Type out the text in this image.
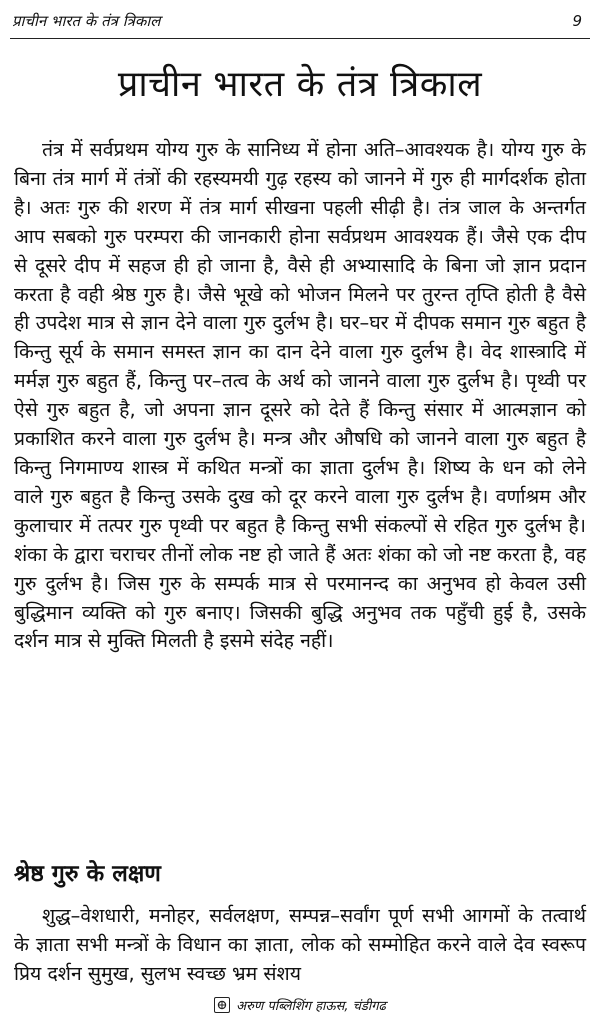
प्राचीन भारत के तंत्र त्रिकाल	9
प्राचीन भारत के तंत्र त्रिकाल

तंत्र में सर्वप्रथम योग्य गुरु के सानिध्य में होना अति–आवश्यक है। योग्य गुरु के बिना तंत्र मार्ग में तंत्रों की रहस्यमयी गुढ़ रहस्य को जानने में गुरु ही मार्गदर्शक होता है। अतः गुरु की शरण में तंत्र मार्ग सीखना पहली सीढ़ी है। तंत्र जाल के अन्तर्गत आप सबको गुरु परम्परा की जानकारी होना सर्वप्रथम आवश्यक हैं। जैसे एक दीप से दूसरे दीप में सहज ही हो जाना है, वैसे ही अभ्यासादि के बिना जो ज्ञान प्रदान करता है वही श्रेष्ठ गुरु है। जैसे भूखे को भोजन मिलने पर तुरन्त तृप्ति होती है वैसे ही उपदेश मात्र से ज्ञान देने वाला गुरु दुर्लभ है। घर–घर में दीपक समान गुरु बहुत है किन्तु सूर्य के समान समस्त ज्ञान का दान देने वाला गुरु दुर्लभ है। वेद शास्त्रादि में मर्मज्ञ गुरु बहुत हैं, किन्तु पर–तत्व के अर्थ को जानने वाला गुरु दुर्लभ है। पृथ्वी पर ऐसे गुरु बहुत है, जो अपना ज्ञान दूसरे को देते हैं किन्तु संसार में आत्मज्ञान को प्रकाशित करने वाला गुरु दुर्लभ है। मन्त्र और औषधि को जानने वाला गुरु बहुत है किन्तु निगमाण्य शास्त्र में कथित मन्त्रों का ज्ञाता दुर्लभ है। शिष्य के धन को लेने वाले गुरु बहुत है किन्तु उसके दुख को दूर करने वाला गुरु दुर्लभ है। वर्णाश्रम और कुलाचार में तत्पर गुरु पृथ्वी पर बहुत है किन्तु सभी संकल्पों से रहित गुरु दुर्लभ है। शंका के द्वारा चराचर तीनों लोक नष्ट हो जाते हैं अतः शंका को जो नष्ट करता है, वह गुरु दुर्लभ है। जिस गुरु के सम्पर्क मात्र से परमानन्द का अनुभव हो केवल उसी बुद्धिमान व्यक्ति को गुरु बनाए। जिसकी बुद्धि अनुभव तक पहुँची हुई है, उसके दर्शन मात्र से मुक्ति मिलती है इसमे संदेह नहीं।

श्रेष्ठ गुरु के लक्षण

शुद्ध–वेशधारी, मनोहर, सर्वलक्षण, सम्पन्न–सर्वांग पूर्ण सभी आगमों के तत्वार्थ के ज्ञाता सभी मन्त्रों के विधान का ज्ञाता, लोक को सम्मोहित करने वाले देव स्वरूप प्रिय दर्शन सुमुख, सुलभ स्वच्छ भ्रम संशय

अरुण पब्लिशिंग हाऊस, चंडीगढ
